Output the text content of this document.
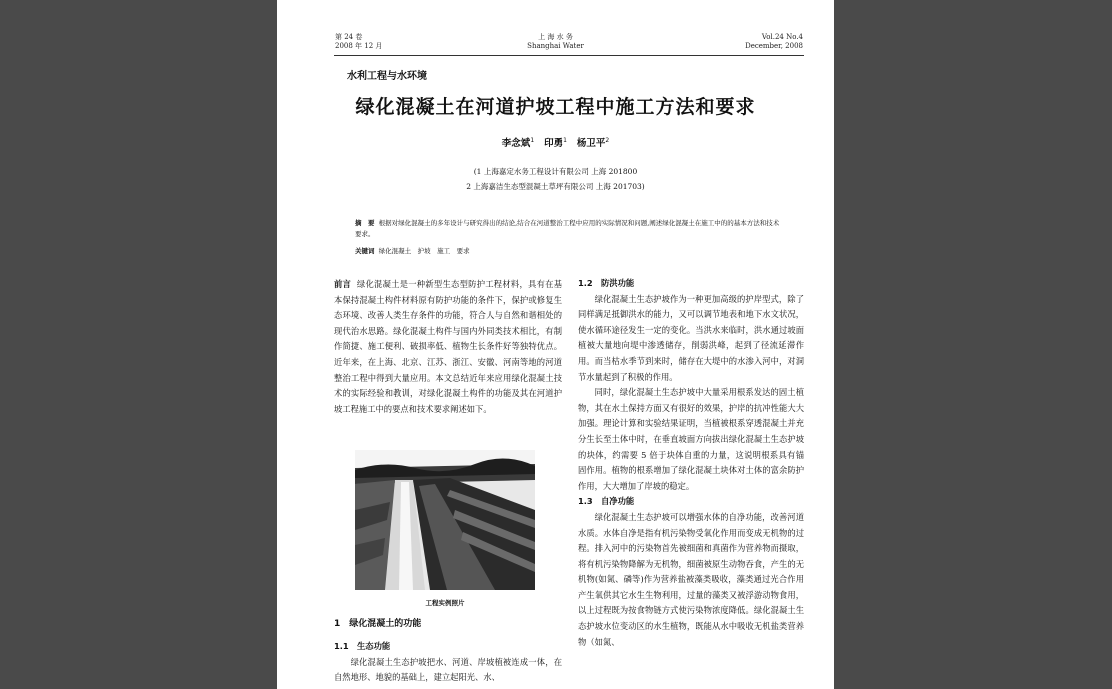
第 24 卷
2008 年 12 月
上 海 水 务
Shanghai Water
Vol.24 No.4
December, 2008
水利工程与水环境
绿化混凝土在河道护坡工程中施工方法和要求
李念斌$^1$ 印勇$^1$ 杨卫平$^2$
(1 上海嘉定水务工程设计有限公司 上海 201800
2 上海嘉洁生态型混凝土草坪有限公司 上海 201703)
摘　要 根据对绿化混凝土的多年设计与研究得出的结论,结合在河道整治工程中应用的实际情况和问题,阐述绿化混凝土在施工中的的基本方法和技术要求。
关键词 绿化混凝土　护坡　施工　要求

前言 绿化混凝土是一种新型生态型防护工程材料，具有在基本保持混凝土构件材料原有防护功能的条件下，保护或修复生态环境、改善人类生存条件的功能，符合人与自然和谐相处的现代治水思路。绿化混凝土构件与国内外同类技术相比，有制作简捷、施工便利、破损率低、植物生长条件好等独特优点。近年来，在上海、北京、江苏、浙江、安徽、河南等地的河道整治工程中得到大量应用。本文总结近年来应用绿化混凝土技术的实际经验和教训，对绿化混凝土构件的功能及其在河道护坡工程施工中的要点和技术要求阐述如下。

工程实例照片
1　绿化混凝土的功能
1.1　生态功能

绿化混凝土生态护坡把水、河道、岸坡植被连成一体，在自然地形、地貌的基础上，建立起阳光、水、

1.2　防洪功能

绿化混凝土生态护坡作为一种更加高级的护岸型式，除了同样满足抵御洪水的能力，又可以调节地表和地下水文状况，使水循环途径发生一定的变化。当洪水来临时，洪水通过坡面植被大量地向堤中渗透储存，削弱洪峰，起到了径流延滞作用。而当枯水季节到来时，储存在大堤中的水渗入河中，对洞节水量起到了积极的作用。

同时，绿化混凝土生态护坡中大量采用根系发达的固土植物，其在水土保持方面又有很好的效果，护岸的抗冲性能大大加强。理论计算和实验结果证明，当植被根系穿透混凝土并充分生长至土体中时，在垂直坡面方向拔出绿化混凝土生态护坡的块体，约需要 5 倍于块体自重的力量，这说明根系具有锚固作用。植物的根系增加了绿化混凝土块体对土体的富余防护作用，大大增加了岸坡的稳定。

1.3　自净功能

绿化混凝土生态护坡可以增强水体的自净功能，改善河道水质。水体自净是指有机污染物受氧化作用而变成无机物的过程。排入河中的污染物首先被细菌和真菌作为营养物而摄取，将有机污染物降解为无机物，细菌被原生动物吞食，产生的无机物(如氮、磷等)作为营养盐被藻类吸收，藻类通过光合作用产生氧供其它水生生物利用，过量的藻类又被浮游动物食用，以上过程既为按食物链方式使污染物浓度降低。绿化混凝土生态护坡水位变动区的水生植物，既能从水中吸收无机盐类营养物（如氮、
